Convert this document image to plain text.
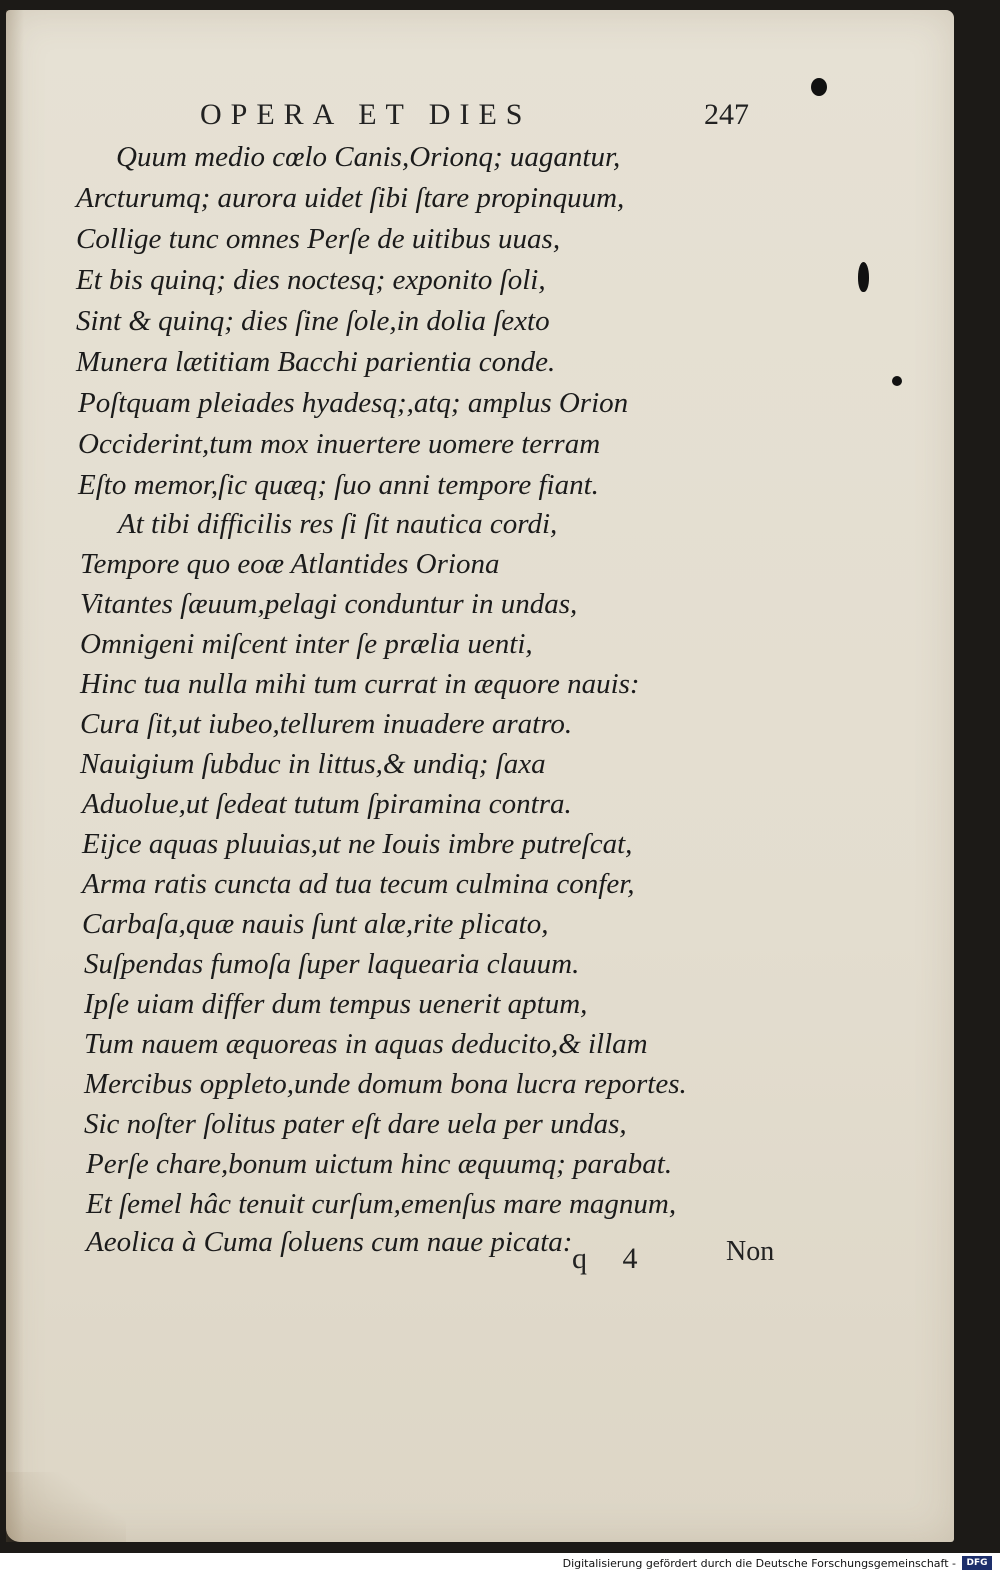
OPERA ET DIES	247
Quum medio cœlo Canis,Orionq; uagantur,
Arcturumq; aurora uidet ſibi ſtare propinquum,
Collige tunc omnes Perſe de uitibus uuas,
Et bis quinq; dies noctesq; exponito ſoli,
Sint & quinq; dies ſine ſole,in dolia ſexto
Munera lætitiam Bacchi parientia conde.
Poſtquam pleiades hyadesq;,atq; amplus Orion
Occiderint,tum mox inuertere uomere terram
Eſto memor,ſic quæq; ſuo anni tempore fiant.
At tibi difficilis res ſi ſit nautica cordi,
Tempore quo eoæ Atlantides Oriona
Vitantes ſæuum,pelagi conduntur in undas,
Omnigeni miſcent inter ſe prælia uenti,
Hinc tua nulla mihi tum currat in æquore nauis:
Cura ſit,ut iubeo,tellurem inuadere aratro.
Nauigium ſubduc in littus,& undiq; ſaxa
Aduolue,ut ſedeat tutum ſpiramina contra.
Eijce aquas pluuias,ut ne Iouis imbre putreſcat,
Arma ratis cuncta ad tua tecum culmina confer,
Carbaſa,quæ nauis ſunt alæ,rite plicato,
Suſpendas fumoſa ſuper laquearia clauum.
Ipſe uiam differ dum tempus uenerit aptum,
Tum nauem æquoreas in aquas deducito,& illam
Mercibus oppleto,unde domum bona lucra reportes.
Sic noſter ſolitus pater eſt dare uela per undas,
Perſe chare,bonum uictum hinc æquumq; parabat.
Et ſemel hâc tenuit curſum,emenſus mare magnum,
Aeolica à Cuma ſoluens cum naue picata: q 4	Non
Digitalisierung gefördert durch die Deutsche Forschungsgemeinschaft -	DFG
